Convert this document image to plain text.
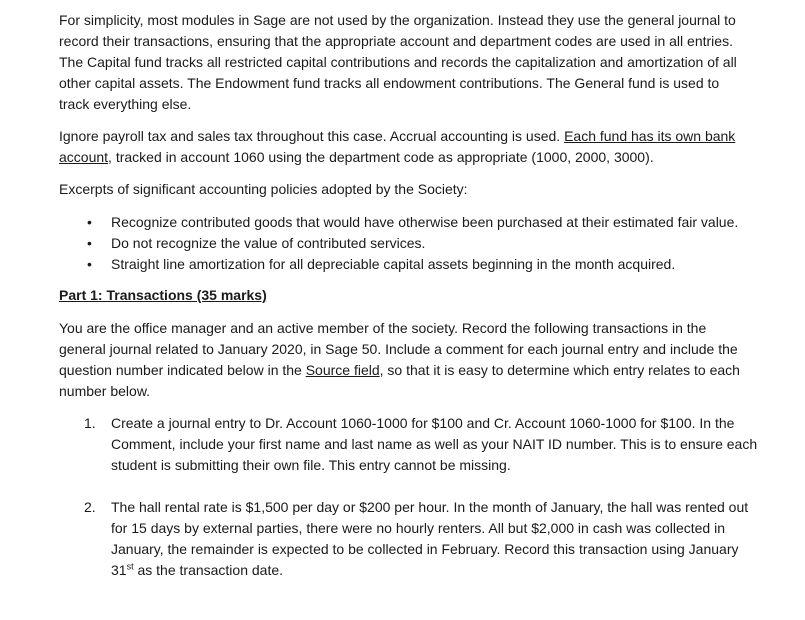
For simplicity, most modules in Sage are not used by the organization. Instead they use the general journal to record their transactions, ensuring that the appropriate account and department codes are used in all entries. The Capital fund tracks all restricted capital contributions and records the capitalization and amortization of all other capital assets. The Endowment fund tracks all endowment contributions. The General fund is used to track everything else.

Ignore payroll tax and sales tax throughout this case. Accrual accounting is used. Each fund has its own bank account, tracked in account 1060 using the department code as appropriate (1000, 2000, 3000).

Excerpts of significant accounting policies adopted by the Society:

• Recognize contributed goods that would have otherwise been purchased at their estimated fair value.
• Do not recognize the value of contributed services.
• Straight line amortization for all depreciable capital assets beginning in the month acquired.

Part 1: Transactions (35 marks)

You are the office manager and an active member of the society. Record the following transactions in the general journal related to January 2020, in Sage 50. Include a comment for each journal entry and include the question number indicated below in the Source field, so that it is easy to determine which entry relates to each number below.

1. Create a journal entry to Dr. Account 1060-1000 for $100 and Cr. Account 1060-1000 for $100. In the Comment, include your first name and last name as well as your NAIT ID number. This is to ensure each student is submitting their own file. This entry cannot be missing.
2. The hall rental rate is $1,500 per day or $200 per hour. In the month of January, the hall was rented out for 15 days by external parties, there were no hourly renters. All but $2,000 in cash was collected in January, the remainder is expected to be collected in February. Record this transaction using January 31st as the transaction date.
